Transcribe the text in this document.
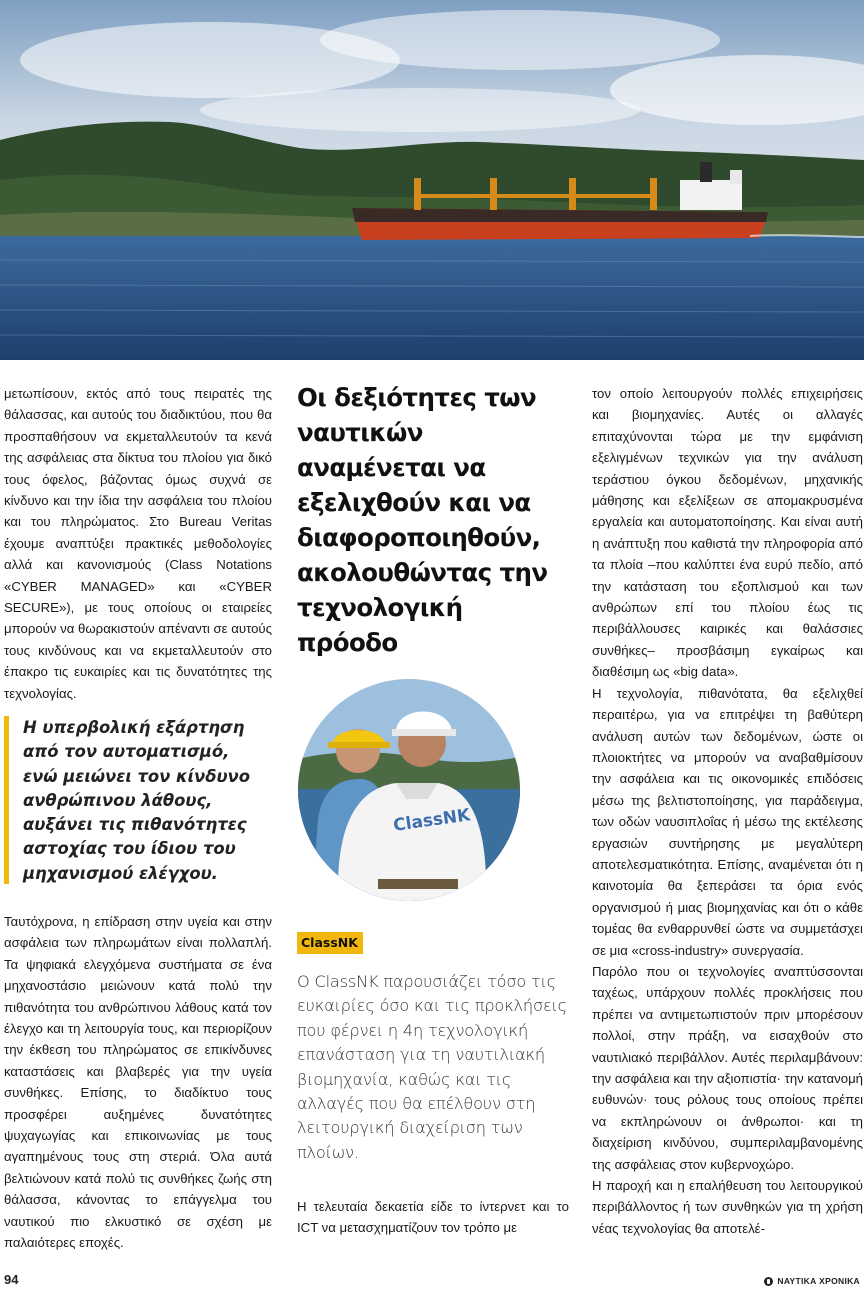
μετωπίσουν, εκτός από τους πειρατές της θάλασσας, και αυτούς του διαδικτύου, που θα προσπαθήσουν να εκμεταλλευτούν τα κενά της ασφάλειας στα δίκτυα του πλοίου για δικό τους όφελος, βάζοντας όμως συχνά σε κίνδυνο και την ίδια την ασφάλεια του πλοίου και του πληρώματος. Στο Bureau Veritas έχουμε αναπτύξει πρακτικές μεθοδολογίες αλλά και κανονισμούς (Class Notations «CYBER MANAGED» και «CYBER SECURE»), με τους οποίους οι εταιρείες μπορούν να θωρακιστούν απέναντι σε αυτούς τους κινδύνους και να εκμεταλλευτούν στο έπακρο τις ευκαιρίες και τις δυνατότητες της τεχνολογίας.

Η υπερβολική εξάρτηση από τον αυτοματισμό, ενώ μειώνει τον κίνδυνο ανθρώπινου λάθους, αυξάνει τις πιθανότητες αστοχίας του ίδιου του μηχανισμού ελέγχου.

Ταυτόχρονα, η επίδραση στην υγεία και στην ασφάλεια των πληρωμάτων είναι πολλαπλή. Τα ψηφιακά ελεγχόμενα συστήματα σε ένα μηχανοστάσιο μειώνουν κατά πολύ την πιθανότητα του ανθρώπινου λάθους κατά τον έλεγχο και τη λειτουργία τους, και περιορίζουν την έκθεση του πληρώματος σε επικίνδυνες καταστάσεις και βλαβερές για την υγεία συνθήκες. Επίσης, το διαδίκτυο τους προσφέρει αυξημένες δυνατότητες ψυχαγωγίας και επικοινωνίας με τους αγαπημένους τους στη στεριά. Όλα αυτά βελτιώνουν κατά πολύ τις συνθήκες ζωής στη θάλασσα, κάνοντας το επάγγελμα του ναυτικού πιο ελκυστικό σε σχέση με παλαιότερες εποχές.

Οι δεξιότητες των ναυτικών αναμένεται να εξελιχθούν και να διαφοροποιηθούν, ακολουθώντας την τεχνολογική πρόοδο
ClassNK
ClassNK

Ο ClassNK παρουσιάζει τόσο τις ευκαιρίες όσο και τις προκλήσεις που φέρνει η 4η τεχνολογική επανάσταση για τη ναυτιλιακή βιομηχανία, καθώς και τις αλλαγές που θα επέλθουν στη λειτουργική διαχείριση των πλοίων.

Η τελευταία δεκαετία είδε το ίντερνετ και το ICT να μετασχηματίζουν τον τρόπο με

τον οποίο λειτουργούν πολλές επιχειρήσεις και βιομηχανίες. Αυτές οι αλλαγές επιταχύνονται τώρα με την εμφάνιση εξελιγμένων τεχνικών για την ανάλυση τεράστιου όγκου δεδομένων, μηχανικής μάθησης και εξελίξεων σε απομακρυσμένα εργαλεία και αυτοματοποίησης. Και είναι αυτή η ανάπτυξη που καθιστά την πληροφορία από τα πλοία –που καλύπτει ένα ευρύ πεδίο, από την κατάσταση του εξοπλισμού και των ανθρώπων επί του πλοίου έως τις περιβάλλουσες καιρικές και θαλάσσιες συνθήκες– προσβάσιμη εγκαίρως και διαθέσιμη ως «big data».

Η τεχνολογία, πιθανότατα, θα εξελιχθεί περαιτέρω, για να επιτρέψει τη βαθύτερη ανάλυση αυτών των δεδομένων, ώστε οι πλοιοκτήτες να μπορούν να αναβαθμίσουν την ασφάλεια και τις οικονομικές επιδόσεις μέσω της βελτιστοποίησης, για παράδειγμα, των οδών ναυσιπλοΐας ή μέσω της εκτέλεσης εργασιών συντήρησης με μεγαλύτερη αποτελεσματικότητα. Επίσης, αναμένεται ότι η καινοτομία θα ξεπεράσει τα όρια ενός οργανισμού ή μιας βιομηχανίας και ότι ο κάθε τομέας θα ενθαρρυνθεί ώστε να συμμετάσχει σε μια «cross-industry» συνεργασία.

Παρόλο που οι τεχνολογίες αναπτύσσονται ταχέως, υπάρχουν πολλές προκλήσεις που πρέπει να αντιμετωπιστούν πριν μπορέσουν πολλοί, στην πράξη, να εισαχθούν στο ναυτιλιακό περιβάλλον. Αυτές περιλαμβάνουν: την ασφάλεια και την αξιοπιστία· την κατανομή ευθυνών· τους ρόλους τους οποίους πρέπει να εκπληρώνουν οι άνθρωποι· και τη διαχείριση κινδύνου, συμπεριλαμβανομένης της ασφάλειας στον κυβερνοχώρο.

Η παροχή και η επαλήθευση του λειτουργικού περιβάλλοντος ή των συνθηκών για τη χρήση νέας τεχνολογίας θα αποτελέ-

94	ΝΑΥΤΙΚΑ ΧΡΟΝΙΚΑ
